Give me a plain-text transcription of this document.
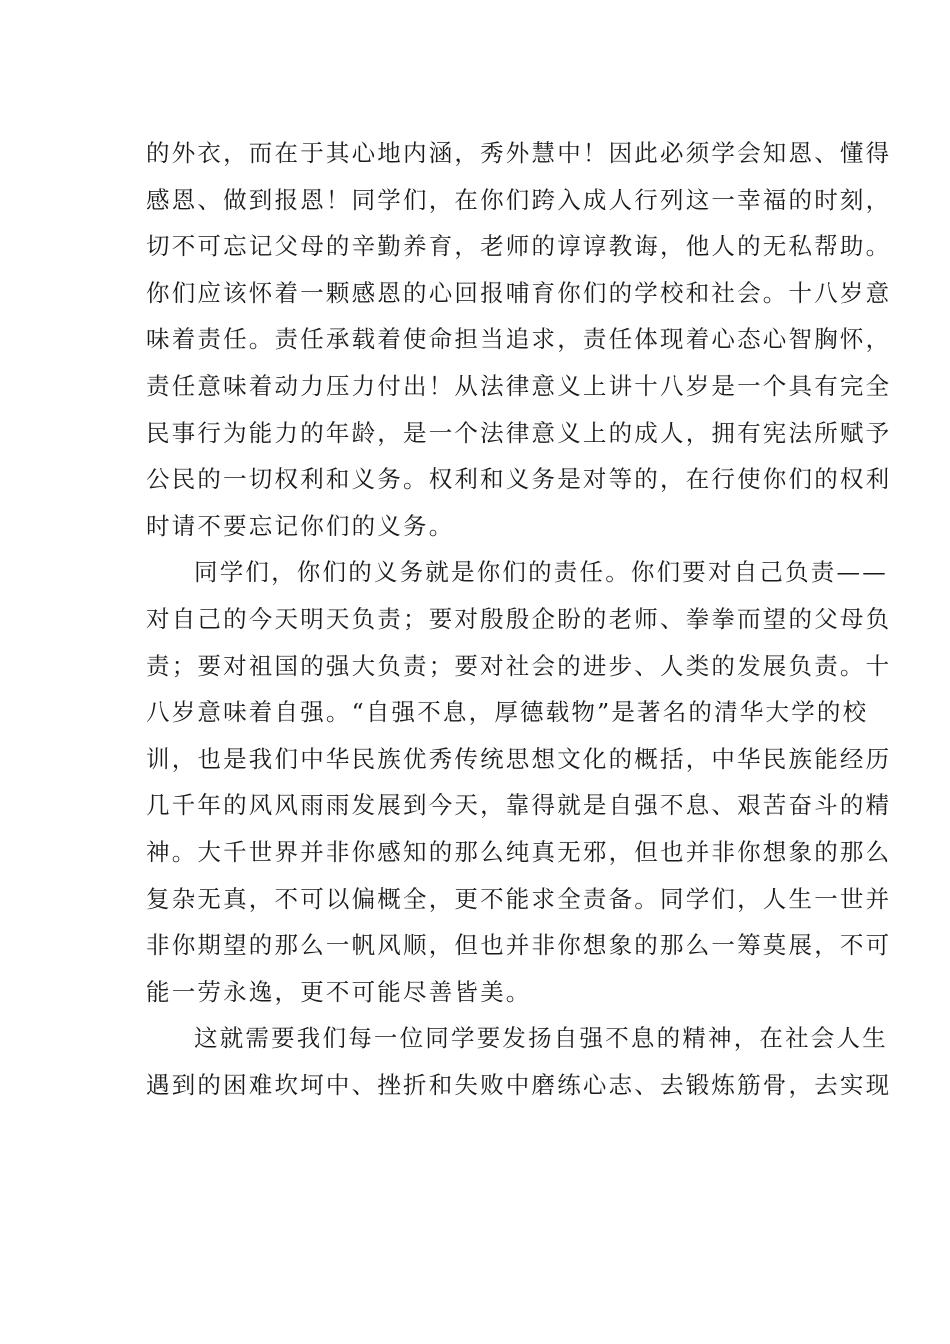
的外衣，而在于其心地内涵，秀外慧中！因此必须学会知恩、懂得
感恩、做到报恩！同学们，在你们跨入成人行列这一幸福的时刻，
切不可忘记父母的辛勤养育，老师的谆谆教诲，他人的无私帮助。
你们应该怀着一颗感恩的心回报哺育你们的学校和社会。十八岁意
味着责任。责任承载着使命担当追求，责任体现着心态心智胸怀，
责任意味着动力压力付出！从法律意义上讲十八岁是一个具有完全
民事行为能力的年龄，是一个法律意义上的成人，拥有宪法所赋予
公民的一切权利和义务。权利和义务是对等的，在行使你们的权利
时请不要忘记你们的义务。
同学们，你们的义务就是你们的责任。你们要对自己负责——
对自己的今天明天负责；要对殷殷企盼的老师、拳拳而望的父母负
责；要对祖国的强大负责；要对社会的进步、人类的发展负责。十
八岁意味着自强。“自强不息，厚德载物”是著名的清华大学的校
训，也是我们中华民族优秀传统思想文化的概括，中华民族能经历
几千年的风风雨雨发展到今天，靠得就是自强不息、艰苦奋斗的精
神。大千世界并非你感知的那么纯真无邪，但也并非你想象的那么
复杂无真，不可以偏概全，更不能求全责备。同学们，人生一世并
非你期望的那么一帆风顺，但也并非你想象的那么一筹莫展，不可
能一劳永逸，更不可能尽善皆美。
这就需要我们每一位同学要发扬自强不息的精神，在社会人生
遇到的困难坎坷中、挫折和失败中磨练心志、去锻炼筋骨，去实现
